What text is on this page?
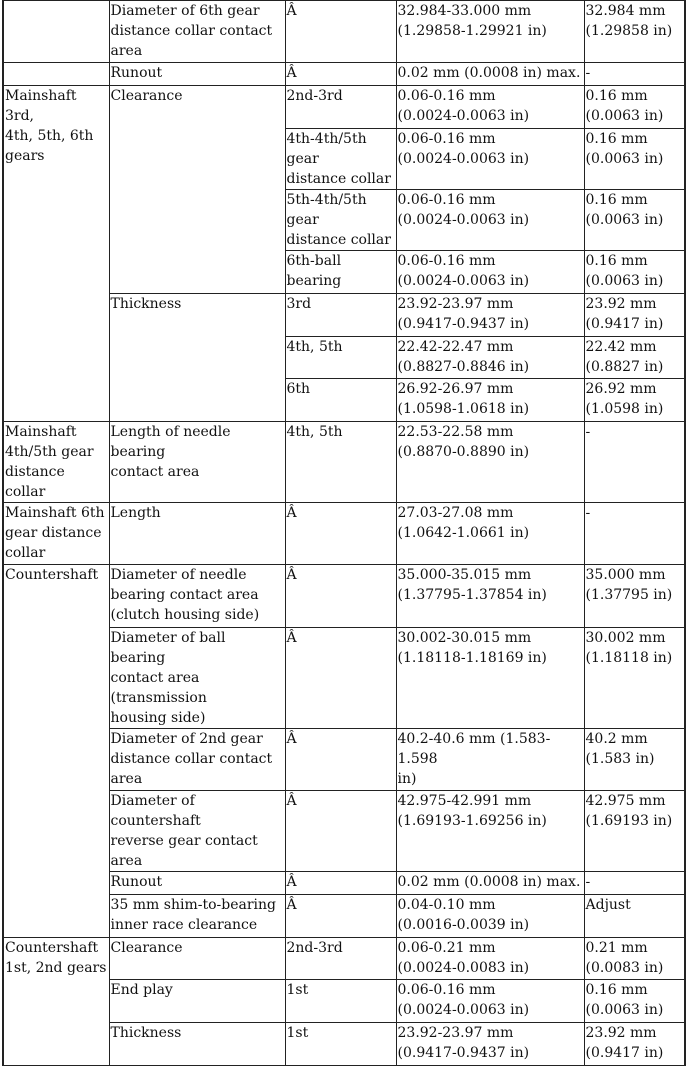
	Diameter of 6th gear
distance collar contact
area	Â	32.984-33.000 mm
(1.29858-1.29921 in)	32.984 mm
(1.29858 in)
	Runout	Â	0.02 mm (0.0008 in) max.	-
Mainshaft 3rd,
4th, 5th, 6th
gears	Clearance	2nd-3rd	0.06-0.16 mm
(0.0024-0.0063 in)	0.16 mm
(0.0063 in)
		4th-4th/5th gear
distance collar	0.06-0.16 mm
(0.0024-0.0063 in)	0.16 mm
(0.0063 in)
		5th-4th/5th gear
distance collar	0.06-0.16 mm
(0.0024-0.0063 in)	0.16 mm
(0.0063 in)
		6th-ball bearing	0.06-0.16 mm
(0.0024-0.0063 in)	0.16 mm
(0.0063 in)
	Thickness	3rd	23.92-23.97 mm
(0.9417-0.9437 in)	23.92 mm
(0.9417 in)
		4th, 5th	22.42-22.47 mm
(0.8827-0.8846 in)	22.42 mm
(0.8827 in)
		6th	26.92-26.97 mm
(1.0598-1.0618 in)	26.92 mm
(1.0598 in)
Mainshaft
4th/5th gear
distance collar	Length of needle bearing
contact area	4th, 5th	22.53-22.58 mm
(0.8870-0.8890 in)	-
Mainshaft 6th
gear distance
collar	Length	Â	27.03-27.08 mm
(1.0642-1.0661 in)	-
Countershaft	Diameter of needle
bearing contact area
(clutch housing side)	Â	35.000-35.015 mm
(1.37795-1.37854 in)	35.000 mm
(1.37795 in)
	Diameter of ball bearing
contact area (transmission
housing side)	Â	30.002-30.015 mm
(1.18118-1.18169 in)	30.002 mm
(1.18118 in)
	Diameter of 2nd gear
distance collar contact
area	Â	40.2-40.6 mm (1.583-1.598
in)	40.2 mm
(1.583 in)
	Diameter of countershaft
reverse gear contact area	Â	42.975-42.991 mm
(1.69193-1.69256 in)	42.975 mm
(1.69193 in)
	Runout	Â	0.02 mm (0.0008 in) max.	-
	35 mm shim-to-bearing
inner race clearance	Â	0.04-0.10 mm
(0.0016-0.0039 in)	Adjust
Countershaft
1st, 2nd gears	Clearance	2nd-3rd	0.06-0.21 mm
(0.0024-0.0083 in)	0.21 mm
(0.0083 in)
	End play	1st	0.06-0.16 mm
(0.0024-0.0063 in)	0.16 mm
(0.0063 in)
	Thickness	1st	23.92-23.97 mm
(0.9417-0.9437 in)	23.92 mm
(0.9417 in)
